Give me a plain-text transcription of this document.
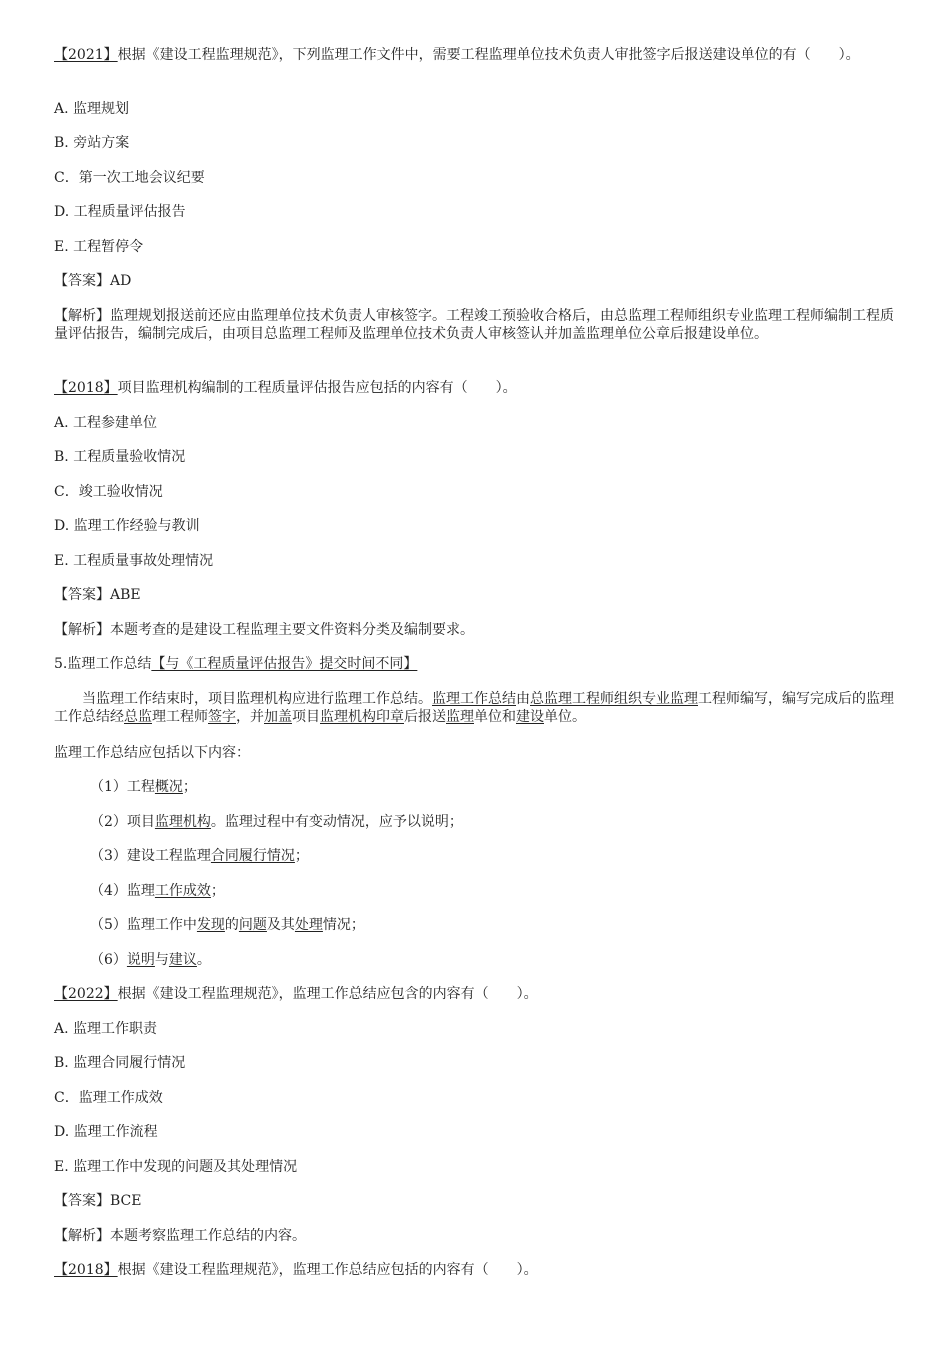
【2021】根据《建设工程监理规范》，下列监理工作文件中，需要工程监理单位技术负责人审批签字后报送建设单位的有（　　）。
A. 监理规划
B. 旁站方案
C．第一次工地会议纪要
D. 工程质量评估报告
E. 工程暂停令
【答案】AD
【解析】监理规划报送前还应由监理单位技术负责人审核签字。工程竣工预验收合格后，由总监理工程师组织专业监理工程师编制工程质量评估报告，编制完成后，由项目总监理工程师及监理单位技术负责人审核签认并加盖监理单位公章后报建设单位。
【2018】项目监理机构编制的工程质量评估报告应包括的内容有（　　）。
A. 工程参建单位
B. 工程质量验收情况
C．竣工验收情况
D. 监理工作经验与教训
E. 工程质量事故处理情况
【答案】ABE
【解析】本题考查的是建设工程监理主要文件资料分类及编制要求。
5.监理工作总结【与《工程质量评估报告》提交时间不同】
当监理工作结束时，项目监理机构应进行监理工作总结。监理工作总结由总监理工程师组织专业监理工程师编写，编写完成后的监理工作总结经总监理工程师签字，并加盖项目监理机构印章后报送监理单位和建设单位。
监理工作总结应包括以下内容：
（1）工程概况；
（2）项目监理机构。监理过程中有变动情况，应予以说明；
（3）建设工程监理合同履行情况；
（4）监理工作成效；
（5）监理工作中发现的问题及其处理情况；
（6）说明与建议。
【2022】根据《建设工程监理规范》，监理工作总结应包含的内容有（　　）。
A. 监理工作职责
B. 监理合同履行情况
C．监理工作成效
D. 监理工作流程
E. 监理工作中发现的问题及其处理情况
【答案】BCE
【解析】本题考察监理工作总结的内容。
【2018】根据《建设工程监理规范》，监理工作总结应包括的内容有（　　）。
